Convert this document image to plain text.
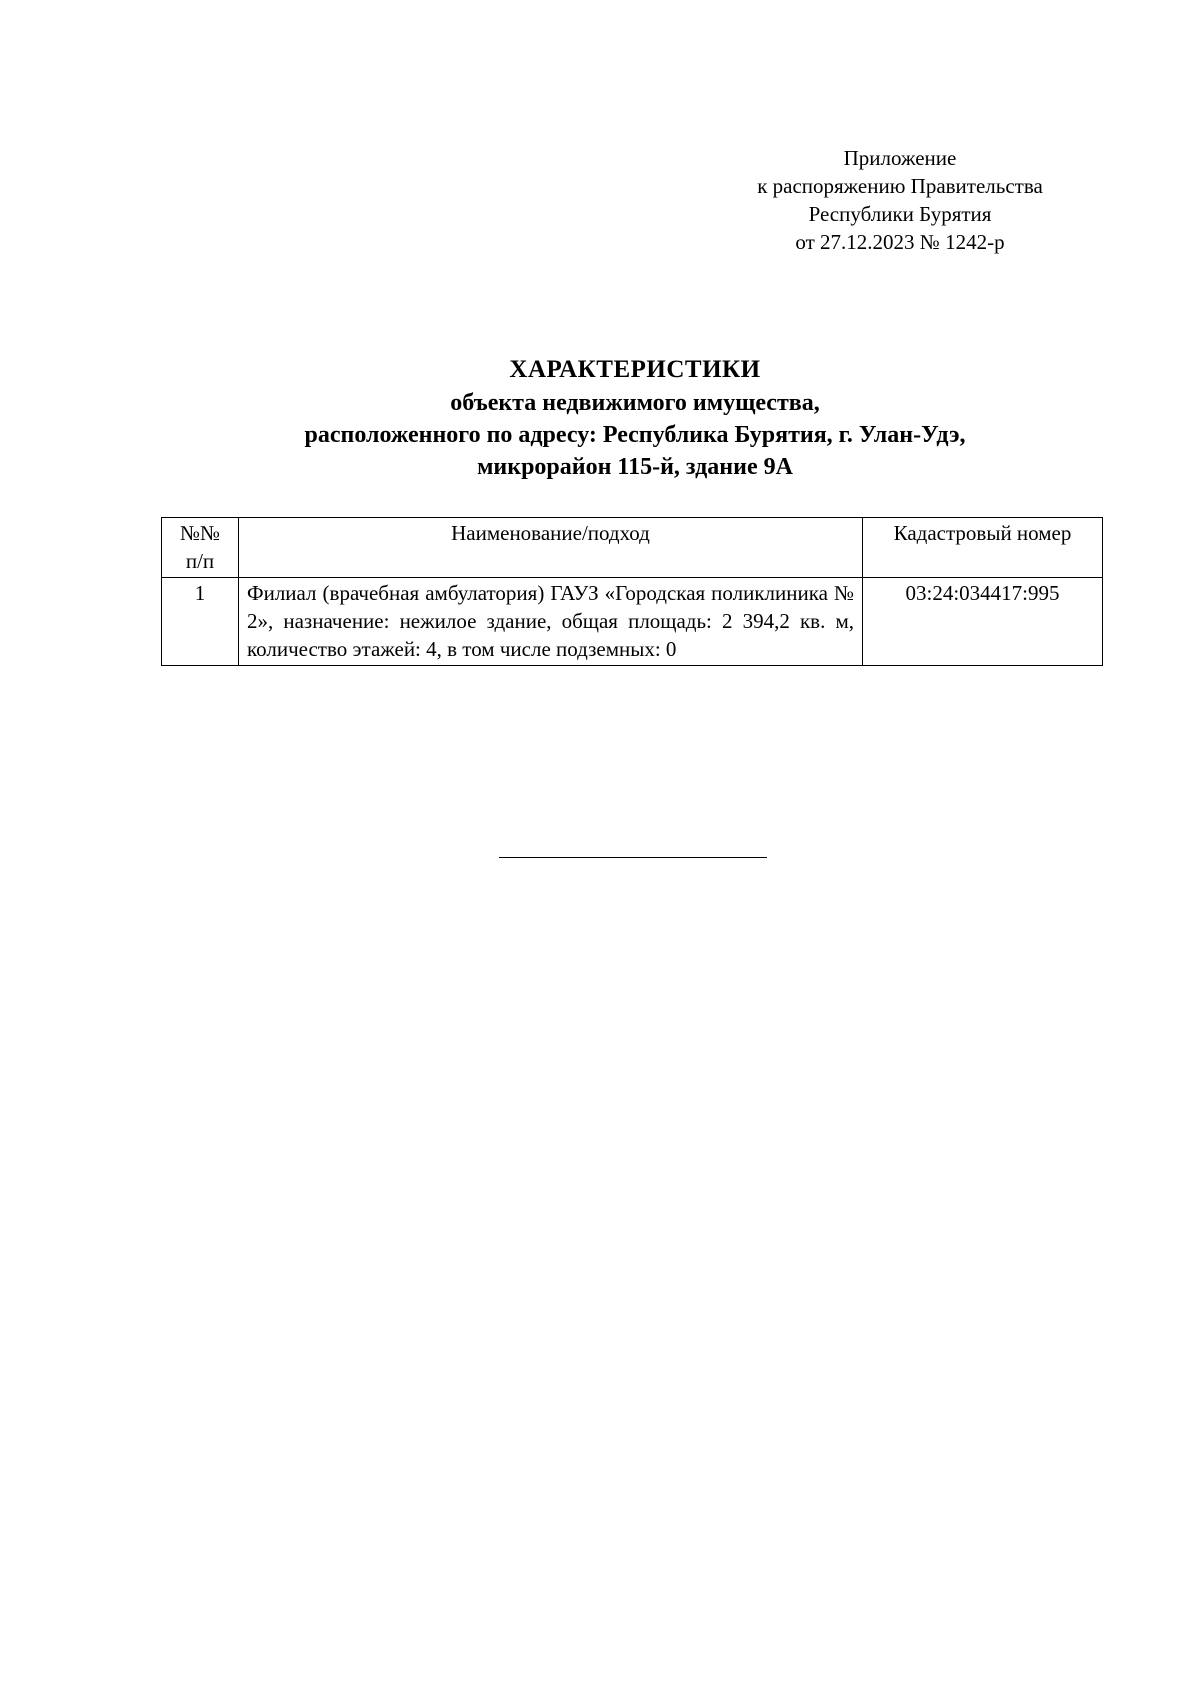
Приложение
к распоряжению Правительства
Республики Бурятия
от 27.12.2023 № 1242-р
ХАРАКТЕРИСТИКИ
объекта недвижимого имущества,
расположенного по адресу: Республика Бурятия, г. Улан-Удэ,
микрорайон 115-й, здание 9А
№№
п/п	Наименование/подход	Кадастровый номер
1	Филиал (врачебная амбулатория) ГАУЗ «Городская поликлиника № 2», назначение: нежилое здание, общая площадь: 2 394,2 кв. м, количество этажей: 4, в том числе подземных: 0	03:24:034417:995
